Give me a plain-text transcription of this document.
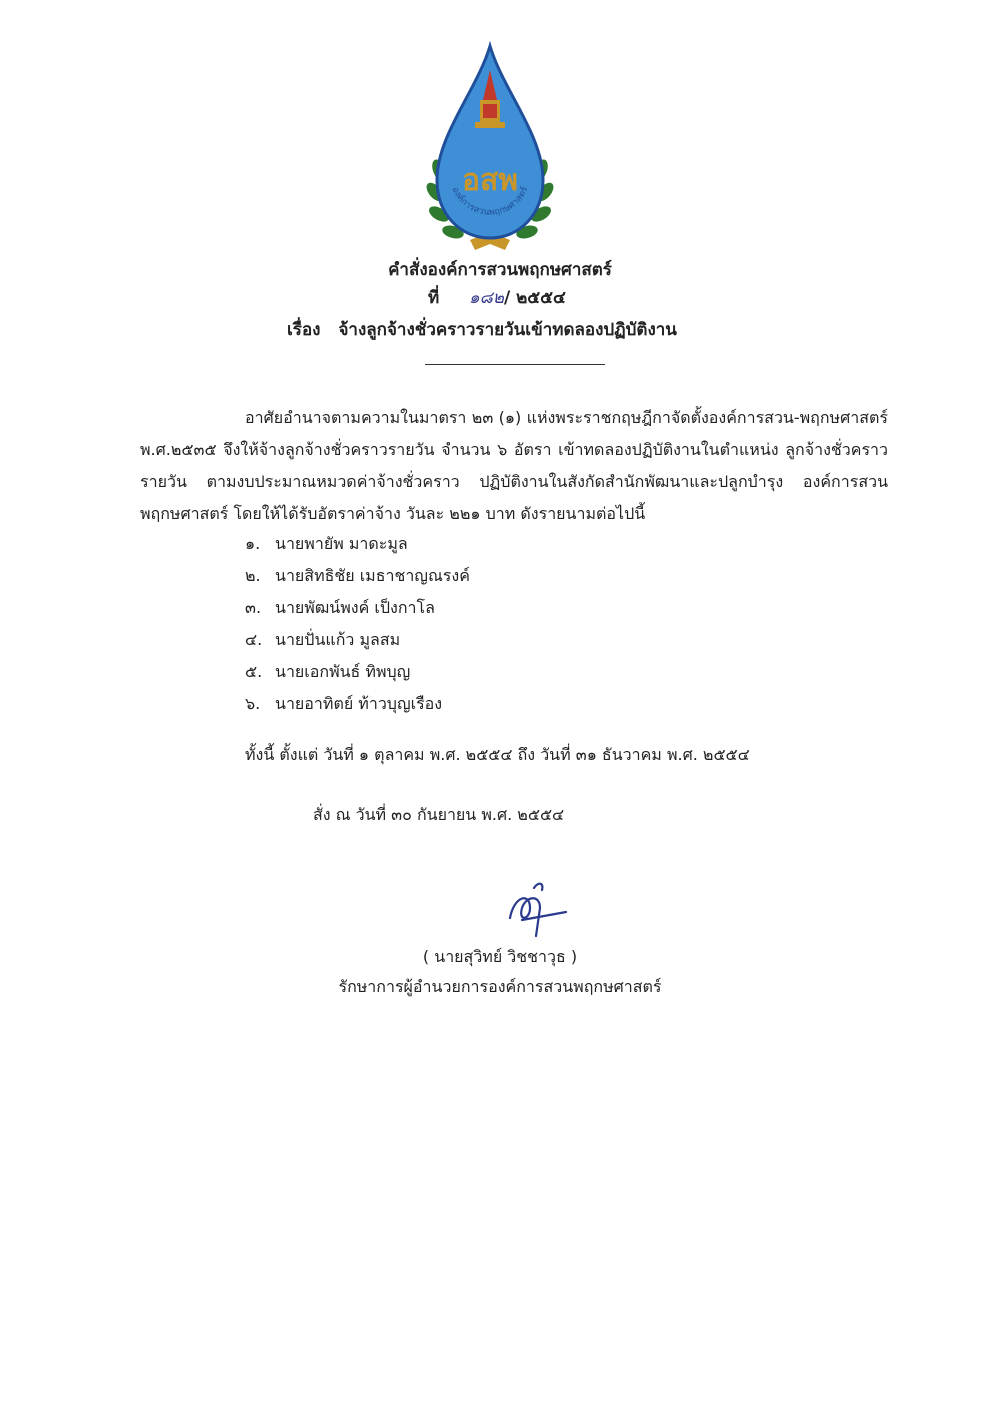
อสพ
องค์การสวนพฤกษศาสตร์
คำสั่งองค์การสวนพฤกษศาสตร์
ที่ ๑๘๒/ ๒๕๕๔
เรื่อง จ้างลูกจ้างชั่วคราวรายวันเข้าทดลองปฏิบัติงาน
อาศัยอำนาจตามความในมาตรา ๒๓ (๑) แห่งพระราชกฤษฎีกาจัดตั้งองค์การสวน-พฤกษศาสตร์ พ.ศ.๒๕๓๕ จึงให้จ้างลูกจ้างชั่วคราวรายวัน จำนวน ๖ อัตรา เข้าทดลองปฏิบัติงานในตำแหน่ง ลูกจ้างชั่วคราวรายวัน ตามงบประมาณหมวดค่าจ้างชั่วคราว ปฏิบัติงานในสังกัดสำนักพัฒนาและปลูกบำรุง องค์การสวนพฤกษศาสตร์ โดยให้ได้รับอัตราค่าจ้าง วันละ ๒๒๑ บาท ดังรายนามต่อไปนี้
๑. นายพายัพ มาดะมูล
๒. นายสิทธิชัย เมธาชาญณรงค์
๓. นายพัฒน์พงค์ เป็งกาโล
๔. นายปั่นแก้ว มูลสม
๕. นายเอกพันธ์ ทิพบุญ
๖. นายอาทิตย์ ท้าวบุญเรือง
ทั้งนี้ ตั้งแต่ วันที่ ๑ ตุลาคม พ.ศ. ๒๕๕๔ ถึง วันที่ ๓๑ ธันวาคม พ.ศ. ๒๕๕๔
สั่ง ณ วันที่ ๓๐ กันยายน พ.ศ. ๒๕๕๔
( นายสุวิทย์ วิชชาวุธ )
รักษาการผู้อำนวยการองค์การสวนพฤกษศาสตร์
